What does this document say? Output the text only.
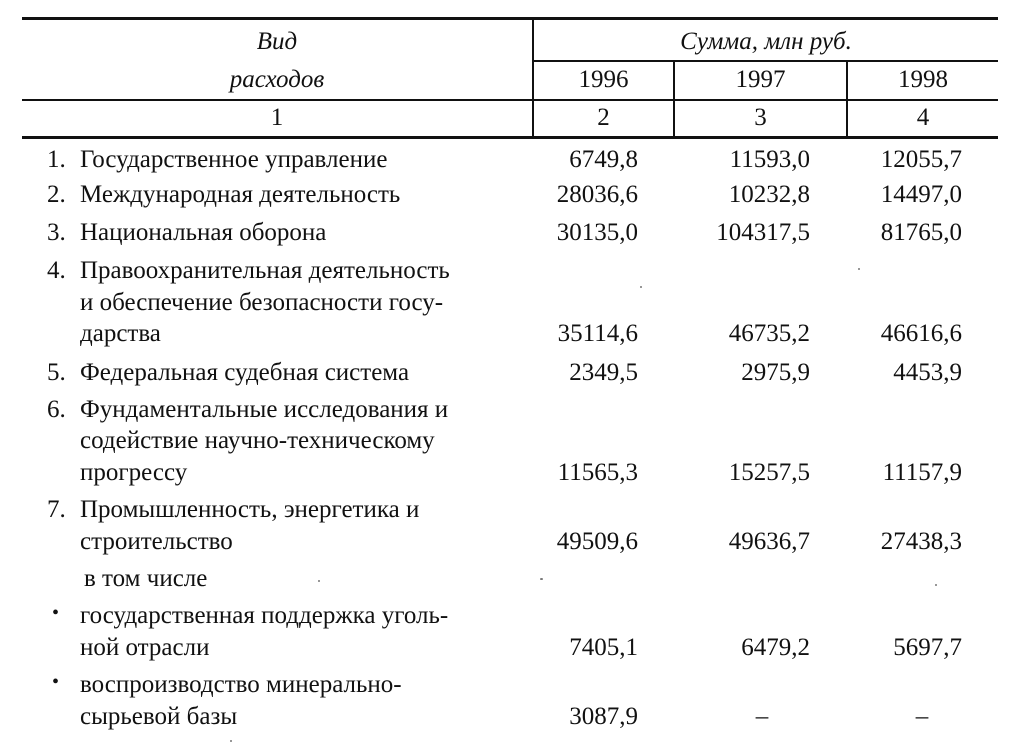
Вид
расходов
Сумма, млн руб.
1996	1997	1998
1	2	3	4
1. Государственное управление	6749,8	11593,0	12055,7
2. Международная деятельность	28036,6	10232,8	14497,0
3. Национальная оборона	30135,0	104317,5	81765,0
4. Правоохранительная деятельность
и обеспечение безопасности госу-
дарства	35114,6	46735,2	46616,6
5. Федеральная судебная система	2349,5	2975,9	4453,9
6. Фундаментальные исследования и
содействие научно-техническому
прогрессу	11565,3	15257,5	11157,9
7. Промышленность, энергетика и
строительство	49509,6	49636,7	27438,3
в том числе
• государственная поддержка уголь-
ной отрасли	7405,1	6479,2	5697,7
• воспроизводство минерально-
сырьевой базы	3087,9	–	–
